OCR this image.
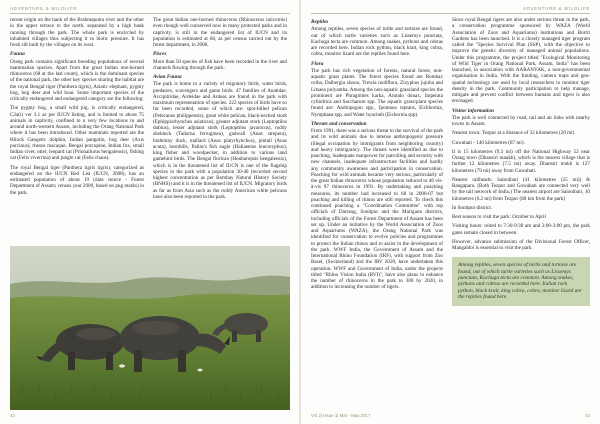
ADVENTURE & WILDLIFE

recent origin on the bank of the Brahmaputra river and the other in the upper terrace to the north, separated by a high bank running through the park. The whole park is encircled by inhabited villages thus subjecting it to biotic pressure. It has fresh silt built by the villages on its west.

Fauna

Orang park contains significant breeding populations of several mammalian species. Apart from the great Indian one-horned rhinoceros (68 at the last count), which is the dominant species of the national park, the other key species sharing the habitat are the royal Bengal tiger (Panthera tigris), Asiatic elephant, pygmy hog, hog deer and wild boar. Some important species of the critically endangered and endangered category are the following:

The pygmy hog, a small wild pig, is critically endangered, C2a(i) ver 3.1 as per IUCN listing, and is limited to about 75 animals in captivity, confined to a very few locations in and around north-western Assam, including the Orang National Park where it has been introduced. Other mammals reported are the Hilock Gangetic dolphin, Indian pangolin, hog deer (Axis porcinus), rhesus macaque, Bengal porcupine, Indian fox, small Indian civet, otter, leopard cat (Prionailurus bengalensis), fishing cat (Felis viverrina) and jungle cat (Felis chaus).

The royal Bengal tiger (Panthera tigris tigris), categorized as endangered on the IUCN Red List (IUCN, 2008), has an estimated population of about 19 (data source - Forest Department of Assam; census year 2000, based on pug marks) in the park.

The great Indian one-horned rhinoceros (Rhinoceros unicornis) even though well conserved now in many protected parks and in captivity, is still in the endangered list of IUCN and its population is estimated at 68, as per census carried out by the forest department, in 2006.

Pisces

More than 50 species of fish have been recorded in the river and channels flowing through the park.

Avian Fauna

The park is home to a variety of migratory birds, water birds, predators, scavengers and game birds. 47 families of Anatidae, Accipitridae, Ardeidae and Ardeas are found in the park with maximum representation of species. 222 species of birds have so far been recorded, some of which are: spot-billed pelican (Pelecanus philippensis), great white pelican, black-necked stork (Ephippiorhynchus asiaticus), greater adjutant stork (Leptoptilos dubius), lesser adjutant stork (Leptoptilos javanicus), ruddy shelduck (Tadorna ferruginea), gadwall (Anas strepera), brahminy duck, mallard (Anas platyrhynchos), pintail (Anas acuta), hornbills, Pallas's fish eagle (Haliaeetus leucoryphus), king fisher and woodpecker, in addition to various land gamebird birds. The Bengal florican (Houbaropsis bengalensis), which is in the threatened list of IUCN is one of the flagship species in the park with a population 30-40 (recorded second highest concentration as per Bombay Natural History Society (BNHS)) and it is in the threatened list of IUCN. Migratory birds as far as from Asia such as the ruddy American white pelicans have also been reported in the park.

42
ADVENTURE & WILDLIFE
Reptiles

Among reptiles, seven species of turtle and tortoise are found, out of which turtle varieties such as Lissemys punctata, Kachuga tecta are common. Among snakes, pythons and cobras are recorded here. Indian rock python, black krait, king cobra, cobra, monitor lizard are the reptiles found here.

Flora

The park has rich vegetation of forests, natural forest, non-aquatic grass plants. The forest species found are Bombax ceiba, Dalbergia sissoo, Trewia nudiflora, Zizyphus jujuba and Litsaea polyantha. Among the non-aquatic grassland species the prominent are Phragmites karka, Arundo donax, Imperata cylindrica and Saccharum spp. The aquatic grass/plant species found are: Andropogon spp., Ipomoea reptans, Eichhornia, Nymphaea spp. and Water hyacinth (Eichornia spp).

Threats and conservation

From 1991, there was a serious threat to the survival of the park and its wild animals due to intense anthropogenic pressure (illegal occupation by immigrants from neighboring country) and heavy immigrancy. The threats were identified as due to poaching, inadequate manpower for patrolling and security with new channels, inadequate infrastructure facilities and hardly any community awareness and participation in conservation. Poaching for wild animals became very serious, particularly of the great Indian rhinoceros whose population reduced to 46 vis-à-vis 97 rhinoceros in 1991. By undertaking anti poaching measures, its number had increased to 68 in 2006-07 but poaching and killing of rhinos are still reported. To check this continued poaching a "Coordination Committee" with top officials of Darrang, Sonitpur and the Marigaon districts, including officials of the Forest Department of Assam has been set up. Under an initiative by the World Association of Zoos and Aquariums (WAZA), the Orang National Park was identified for conservation to evolve policies and programmes to protect the Indian rhinos and to assist in the development of the park. WWF India, the Government of Assam and the International Rhino Foundation (IRF), with support from Zoo Basel, (Switzerland) and the IRV 2020, have undertaken this operation. WWF and Government of India, under the projects titled "Rhino Vision India (RVI)", have also plans to enhance the number of rhinoceros in the park to 300 by 2020, in addition to increasing the number of tigers.

Since royal Bengal tigers are also under serious threat in the park, a conservation programme sponsored by WAZA (World Association of Zoos and Aquariums) institutions and Burrit Gardens has been launched. It is a closely managed tiger program called the "Species Survival Plan (SSP), with the objective to improve the genetic diversity of managed animal populations. Under this programme, the project titled "Ecological Monitoring of Wild Tiger in Orang National Park, Assam, India" has been launched, in association with AARANYAK, a non-governmental organisation in India. With the funding, camera traps and geo-spatial technology are used by local researchers to monitor tiger density in the park. Community participation to help manage, mitigate and prevent conflict between humans and tigers is also envisaged.

Visitor information

The park is well connected by road, rail and air links with nearby towns in Assam.

Nearest town: Tezpur at a distance of 32 kilometres (20 mi)

Guwahati - 140 kilometres (87 mi).

It is 15 kilometres (9.3 mi) off the National Highway 52 near Orang town (Dhansiri maukh), which is the nearest village that is further 12 kilometres (7.5 mi) away. Dhansiri mukh is 127 kilometres (79 mi) away from Guwahati.

Nearest railheads: Salonibari (41 kilometres (25 mi)) & Rangapara. (Both Tezpur and Guwahati are connected very well by the rail network of India.) The nearest airport are Salonibari, 10 kilometres (6.2 mi) from Tezpur (80 km from the park)

In Sonitpur district.

Best season to visit the park: October to April

Visiting hours: reited to 7:30-9:30 am and 2:00-3:00 pm, the park gates remain closed in between.

However, advance submission of the Divisional Forest Officer, Mangaldoi is essential to visit the park.

Among reptiles, seven species of turtle and tortoise are found, out of which turtle varieties such as Lissemys punctata, Kachuga tecta are common. Among snakes, pythons and cobras are recorded here. Indian rock python, black krait, king cobra, cobra, monitor lizard are the reptiles found here.
Vol 2| Issue 1| Mar - May 2017	43
